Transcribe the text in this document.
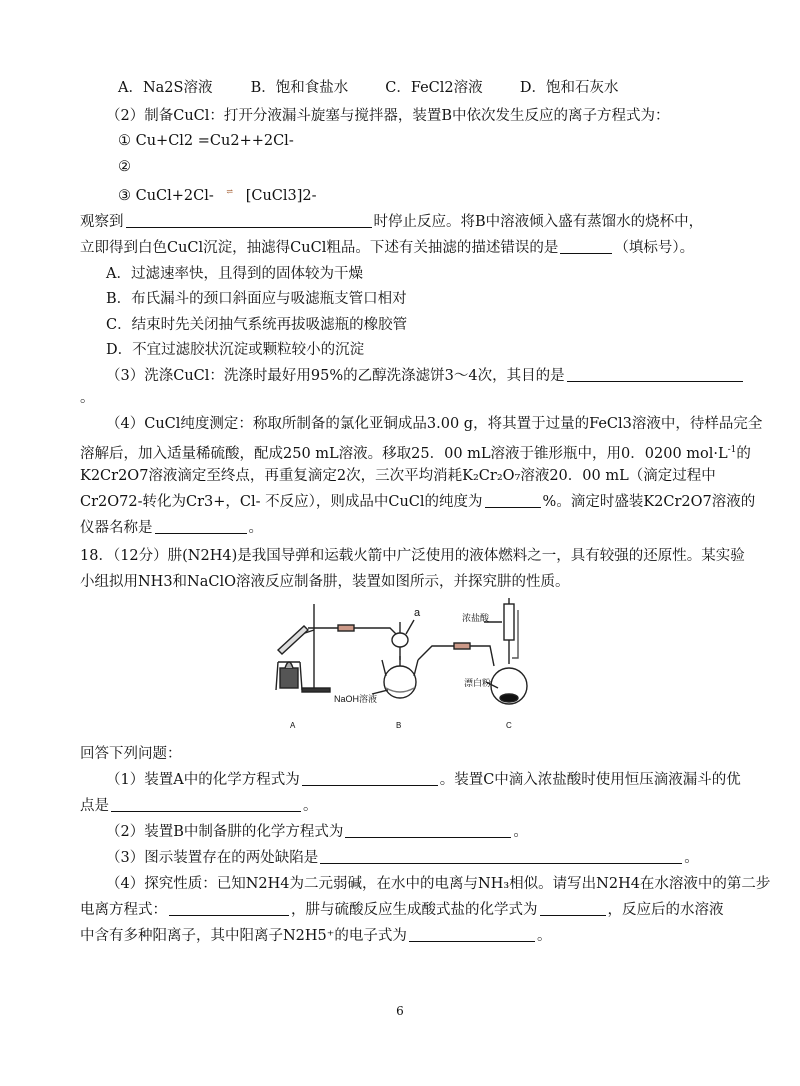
A．Na2S溶液	B．饱和食盐水	C．FeCl2溶液	D．饱和石灰水
（2）制备CuCl：打开分液漏斗旋塞与搅拌器，装置B中依次发生反应的离子方程式为：
① Cu+Cl2 =Cu2++2Cl-
②
③ CuCl+2Cl- ⇌ [CuCl3]2-
观察到	时停止反应。将B中溶液倾入盛有蒸馏水的烧杯中，
立即得到白色CuCl沉淀，抽滤得CuCl粗品。下述有关抽滤的描述错误的是	（填标号）。
A．过滤速率快，且得到的固体较为干燥
B．布氏漏斗的颈口斜面应与吸滤瓶支管口相对
C．结束时先关闭抽气系统再拔吸滤瓶的橡胶管
D．不宜过滤胶状沉淀或颗粒较小的沉淀
（3）洗涤CuCl：洗涤时最好用95%的乙醇洗涤滤饼3～4次，其目的是
。
（4）CuCl纯度测定：称取所制备的氯化亚铜成品3.00 g，将其置于过量的FeCl3溶液中，待样品完全
溶解后，加入适量稀硫酸，配成250 mL溶液。移取25．00 mL溶液于锥形瓶中，用0．0200 $mol\cdot L^{-1}$的
K2Cr2O7溶液滴定至终点，再重复滴定2次，三次平均消耗K₂Cr₂O₇溶液20．00 mL（滴定过程中
Cr2O72-转化为Cr3+，Cl- 不反应），则成品中CuCl的纯度为	%。滴定时盛装K2Cr2O7溶液的
仪器名称是	。
18．（12分）肼(N2H4)是我国导弹和运载火箭中广泛使用的液体燃料之一，具有较强的还原性。某实验
小组拟用NH3和NaClO溶液反应制备肼，装置如图所示，并探究肼的性质。
a	浓盐酸
NaOH溶液
漂白粉
A	B	C
回答下列问题：
（1）装置A中的化学方程式为	。装置C中滴入浓盐酸时使用恒压滴液漏斗的优
点是	。
（2）装置B中制备肼的化学方程式为	。
（3）图示装置存在的两处缺陷是	。
（4）探究性质：已知N2H4为二元弱碱，在水中的电离与NH₃相似。请写出N2H4在水溶液中的第二步
电离方程式：	，肼与硫酸反应生成酸式盐的化学式为	，反应后的水溶液
中含有多种阳离子，其中阳离子N2H5⁺的电子式为	。
6
